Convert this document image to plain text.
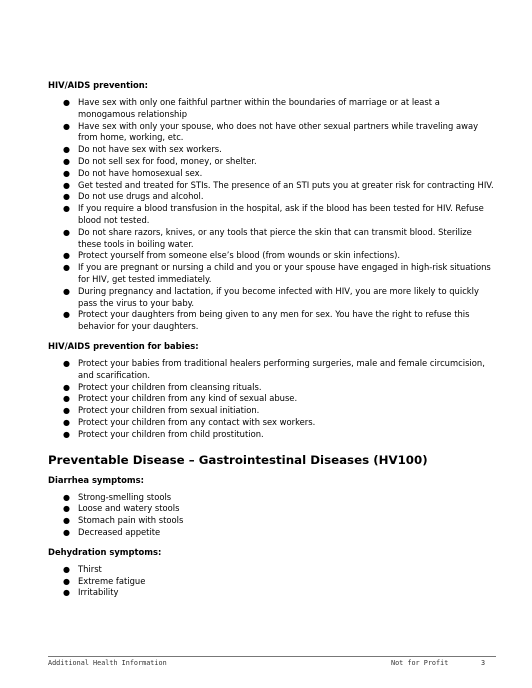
HIV/AIDS prevention:
● Have sex with only one faithful partner within the boundaries of marriage or at least a monogamous relationship
● Have sex with only your spouse, who does not have other sexual partners while traveling away from home, working, etc.
● Do not have sex with sex workers.
● Do not sell sex for food, money, or shelter.
● Do not have homosexual sex.
● Get tested and treated for STIs. The presence of an STI puts you at greater risk for contracting HIV.
● Do not use drugs and alcohol.
● If you require a blood transfusion in the hospital, ask if the blood has been tested for HIV. Refuse blood not tested.
● Do not share razors, knives, or any tools that pierce the skin that can transmit blood. Sterilize these tools in boiling water.
● Protect yourself from someone else’s blood (from wounds or skin infections).
● If you are pregnant or nursing a child and you or your spouse have engaged in high-risk situations for HIV, get tested immediately.
● During pregnancy and lactation, if you become infected with HIV, you are more likely to quickly pass the virus to your baby.
● Protect your daughters from being given to any men for sex. You have the right to refuse this behavior for your daughters.
HIV/AIDS prevention for babies:
● Protect your babies from traditional healers performing surgeries, male and female circumcision, and scarification.
● Protect your children from cleansing rituals.
● Protect your children from any kind of sexual abuse.
● Protect your children from sexual initiation.
● Protect your children from any contact with sex workers.
● Protect your children from child prostitution.
Preventable Disease – Gastrointestinal Diseases (HV100)
Diarrhea symptoms:
● Strong-smelling stools
● Loose and watery stools
● Stomach pain with stools
● Decreased appetite
Dehydration symptoms:
● Thirst
● Extreme fatigue
● Irritability
Additional Health Information	Not for Profit	3
